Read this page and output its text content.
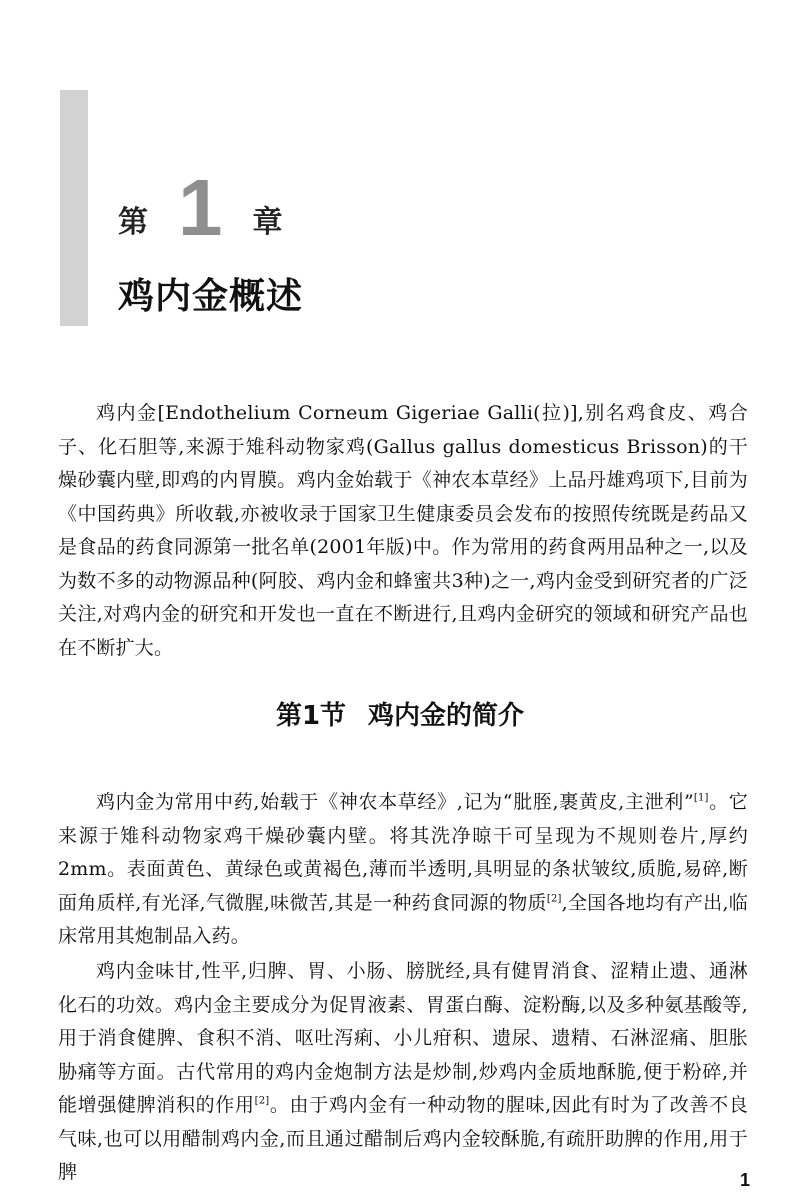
第 1 章
鸡内金概述

鸡内金[Endothelium Corneum Gigeriae Galli(拉)],别名鸡食皮、鸡合子、化石胆等,来源于雉科动物家鸡(Gallus gallus domesticus Brisson)的干燥砂囊内壁,即鸡的内胃膜。鸡内金始载于《神农本草经》上品丹雄鸡项下,目前为《中国药典》所收载,亦被收录于国家卫生健康委员会发布的按照传统既是药品又是食品的药食同源第一批名单(2001年版)中。作为常用的药食两用品种之一,以及为数不多的动物源品种(阿胶、鸡内金和蜂蜜共3种)之一,鸡内金受到研究者的广泛关注,对鸡内金的研究和开发也一直在不断进行,且鸡内金研究的领域和研究产品也在不断扩大。

第1节 鸡内金的简介

鸡内金为常用中药,始载于《神农本草经》,记为“肶胵,裹黄皮,主泄利”[1]。它来源于雉科动物家鸡干燥砂囊内壁。将其洗净晾干可呈现为不规则卷片,厚约2mm。表面黄色、黄绿色或黄褐色,薄而半透明,具明显的条状皱纹,质脆,易碎,断面角质样,有光泽,气微腥,味微苦,其是一种药食同源的物质[2],全国各地均有产出,临床常用其炮制品入药。

鸡内金味甘,性平,归脾、胃、小肠、膀胱经,具有健胃消食、涩精止遗、通淋化石的功效。鸡内金主要成分为促胃液素、胃蛋白酶、淀粉酶,以及多种氨基酸等,用于消食健脾、食积不消、呕吐泻痢、小儿疳积、遗尿、遗精、石淋涩痛、胆胀胁痛等方面。古代常用的鸡内金炮制方法是炒制,炒鸡内金质地酥脆,便于粉碎,并能增强健脾消积的作用[2]。由于鸡内金有一种动物的腥味,因此有时为了改善不良气味,也可以用醋制鸡内金,而且通过醋制后鸡内金较酥脆,有疏肝助脾的作用,用于脾	1
